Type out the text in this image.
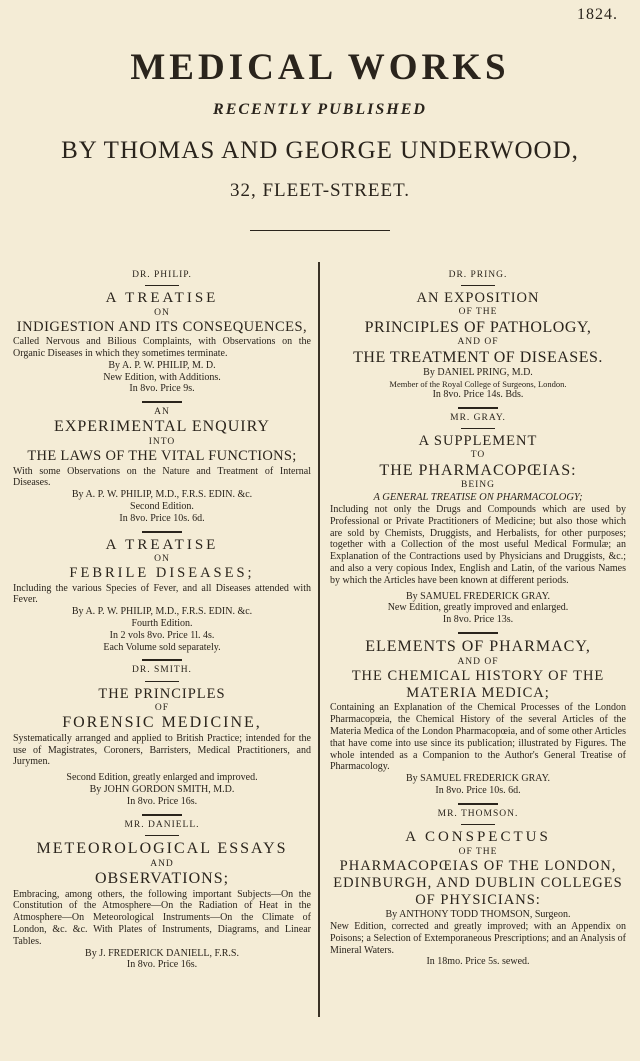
1824.
MEDICAL WORKS
RECENTLY PUBLISHED
BY THOMAS AND GEORGE UNDERWOOD,
32, FLEET-STREET.

DR. PHILIP.

A TREATISE

ON

INDIGESTION AND ITS CONSEQUENCES,

Called Nervous and Bilious Complaints, with Observations on the Organic Diseases in which they sometimes terminate.

By A. P. W. PHILIP, M. D.

New Edition, with Additions.

In 8vo. Price 9s.

AN

EXPERIMENTAL ENQUIRY

INTO

THE LAWS OF THE VITAL FUNCTIONS;

With some Observations on the Nature and Treatment of Internal Diseases.

By A. P. W. PHILIP, M.D., F.R.S. EDIN. &c.

Second Edition.

In 8vo. Price 10s. 6d.

A TREATISE

ON

FEBRILE DISEASES;

Including the various Species of Fever, and all Diseases attended with Fever.

By A. P. W. PHILIP, M.D., F.R.S. EDIN. &c.

Fourth Edition.

In 2 vols 8vo. Price 1l. 4s.

Each Volume sold separately.

DR. SMITH.

THE PRINCIPLES

OF

FORENSIC MEDICINE,

Systematically arranged and applied to British Practice; intended for the use of Magistrates, Coroners, Barristers, Medical Practitioners, and Jurymen.

Second Edition, greatly enlarged and improved.

By JOHN GORDON SMITH, M.D.

In 8vo. Price 16s.

MR. DANIELL.

METEOROLOGICAL ESSAYS

AND

OBSERVATIONS;

Embracing, among others, the following important Subjects—On the Constitution of the Atmosphere—On the Radiation of Heat in the Atmosphere—On Meteorological Instruments—On the Climate of London, &c. &c. With Plates of Instruments, Diagrams, and Linear Tables.

By J. FREDERICK DANIELL, F.R.S.

In 8vo. Price 16s.

DR. PRING.

AN EXPOSITION

OF THE

PRINCIPLES OF PATHOLOGY,

AND OF

THE TREATMENT OF DISEASES.

By DANIEL PRING, M.D.

Member of the Royal College of Surgeons, London.

In 8vo. Price 14s. Bds.

MR. GRAY.

A SUPPLEMENT

TO

THE PHARMACOPŒIAS:

BEING

A GENERAL TREATISE ON PHARMACOLOGY;

Including not only the Drugs and Compounds which are used by Professional or Private Practitioners of Medicine; but also those which are sold by Chemists, Druggists, and Herbalists, for other purposes; together with a Collection of the most useful Medical Formulæ; an Explanation of the Contractions used by Physicians and Druggists, &c.; and also a very copious Index, English and Latin, of the various Names by which the Articles have been known at different periods.

By SAMUEL FREDERICK GRAY.

New Edition, greatly improved and enlarged.

In 8vo. Price 13s.

ELEMENTS OF PHARMACY,

AND OF

THE CHEMICAL HISTORY OF THE

MATERIA MEDICA;

Containing an Explanation of the Chemical Processes of the London Pharmacopœia, the Chemical History of the several Articles of the Materia Medica of the London Pharmacopœia, and of some other Articles that have come into use since its publication; illustrated by Figures. The whole intended as a Companion to the Author's General Treatise of Pharmacology.

By SAMUEL FREDERICK GRAY.

In 8vo. Price 10s. 6d.

MR. THOMSON.

A CONSPECTUS

OF THE

PHARMACOPŒIAS OF THE LONDON,

EDINBURGH, AND DUBLIN COLLEGES

OF PHYSICIANS:

By ANTHONY TODD THOMSON, Surgeon.

New Edition, corrected and greatly improved; with an Appendix on Poisons; a Selection of Extemporaneous Prescriptions; and an Analysis of Mineral Waters.

In 18mo. Price 5s. sewed.
